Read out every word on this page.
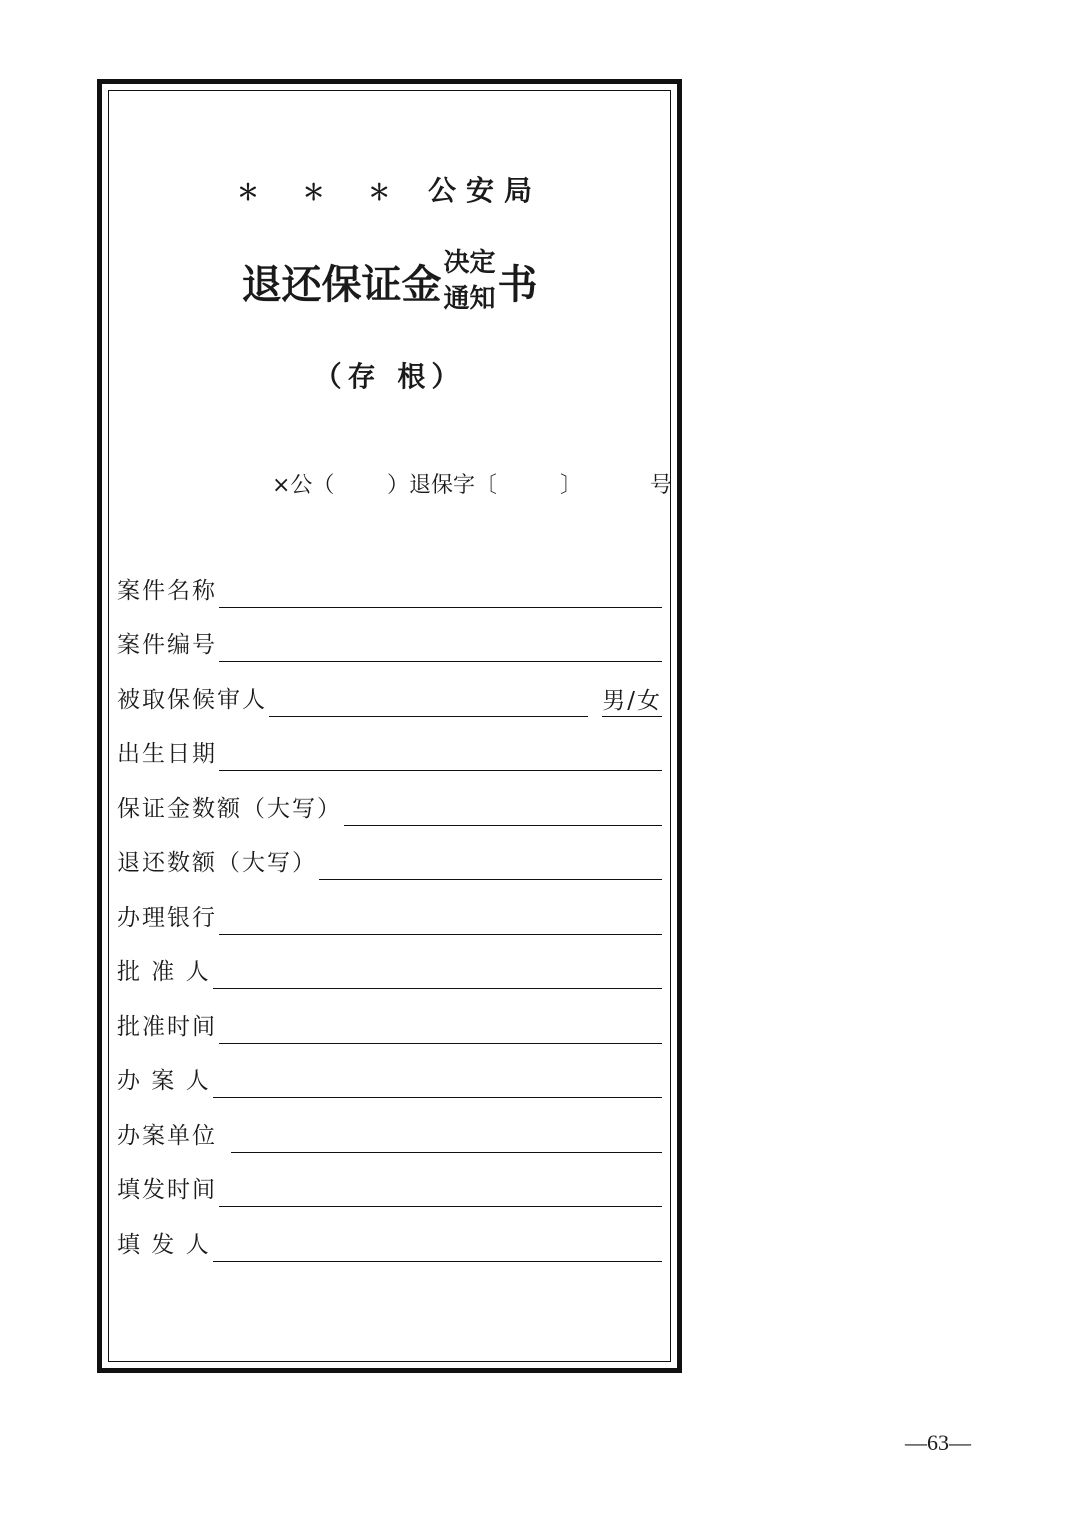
＊ ＊ ＊ 公安局
退还保证金 决定
通知 书
（存 根）
×公（ ）退保字〔	〕	号
案件名称
案件编号
被取保候审人	男/女
出生日期
保证金数额（大写）
退还数额（大写）
办理银行
批 准 人
批准时间
办 案 人
办案单位
填发时间
填 发 人
—63—
